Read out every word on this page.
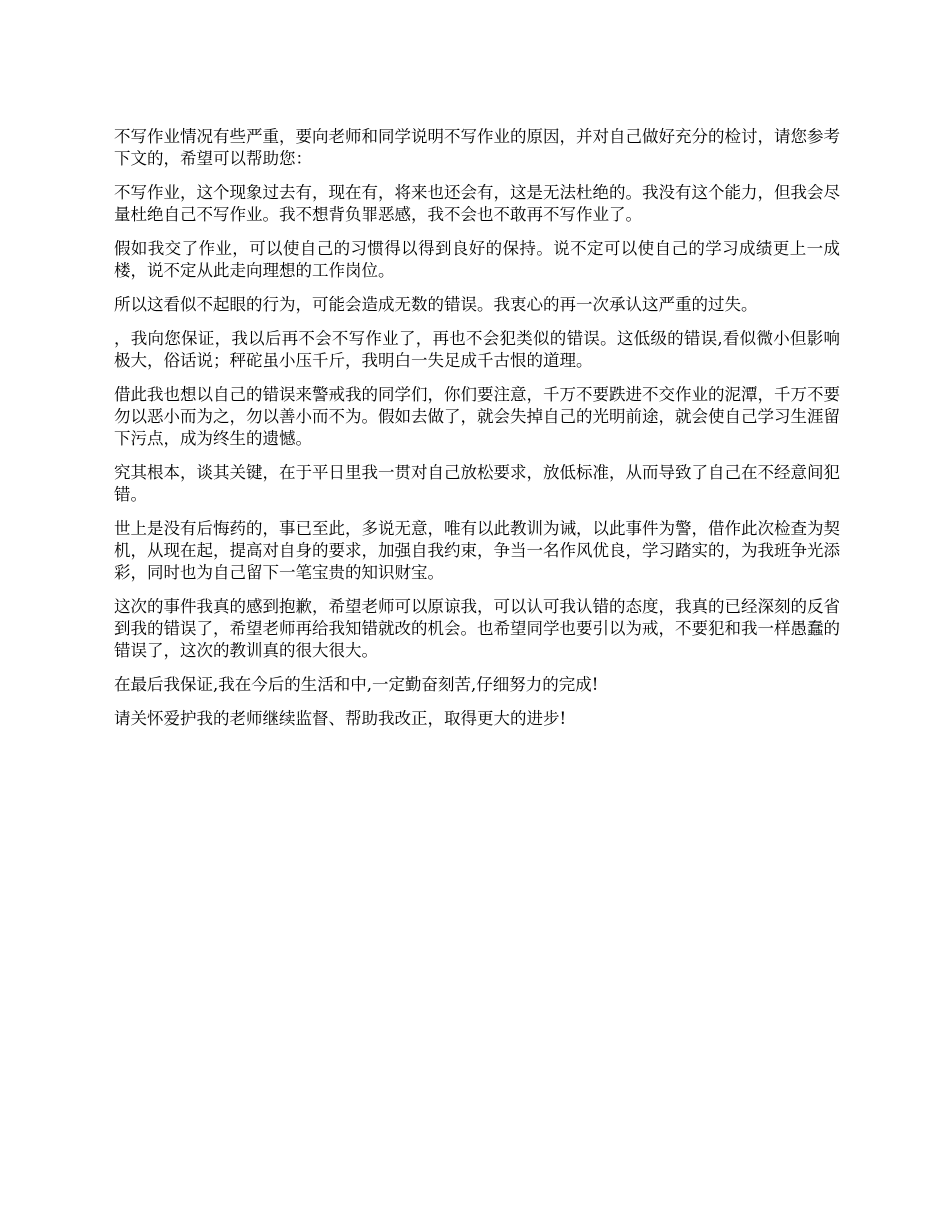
不写作业情况有些严重，要向老师和同学说明不写作业的原因，并对自己做好充分的检讨，请您参考下文的，希望可以帮助您：

不写作业，这个现象过去有，现在有，将来也还会有，这是无法杜绝的。我没有这个能力，但我会尽量杜绝自己不写作业。我不想背负罪恶感，我不会也不敢再不写作业了。

假如我交了作业，可以使自己的习惯得以得到良好的保持。说不定可以使自己的学习成绩更上一成楼，说不定从此走向理想的工作岗位。

所以这看似不起眼的行为，可能会造成无数的错误。我衷心的再一次承认这严重的过失。

，我向您保证，我以后再不会不写作业了，再也不会犯类似的错误。这低级的错误,看似微小但影响极大，俗话说；秤砣虽小压千斤，我明白一失足成千古恨的道理。

借此我也想以自己的错误来警戒我的同学们，你们要注意，千万不要跌进不交作业的泥潭，千万不要勿以恶小而为之，勿以善小而不为。假如去做了，就会失掉自己的光明前途，就会使自己学习生涯留下污点，成为终生的遗憾。

究其根本，谈其关键，在于平日里我一贯对自己放松要求，放低标准，从而导致了自己在不经意间犯错。

世上是没有后悔药的，事已至此，多说无意，唯有以此教训为诫，以此事件为警，借作此次检查为契机，从现在起，提高对自身的要求，加强自我约束，争当一名作风优良，学习踏实的，为我班争光添彩，同时也为自己留下一笔宝贵的知识财宝。

这次的事件我真的感到抱歉，希望老师可以原谅我，可以认可我认错的态度，我真的已经深刻的反省到我的错误了，希望老师再给我知错就改的机会。也希望同学也要引以为戒，不要犯和我一样愚蠢的错误了，这次的教训真的很大很大。

在最后我保证,我在今后的生活和中,一定勤奋刻苦,仔细努力的完成!

请关怀爱护我的老师继续监督、帮助我改正，取得更大的进步!
